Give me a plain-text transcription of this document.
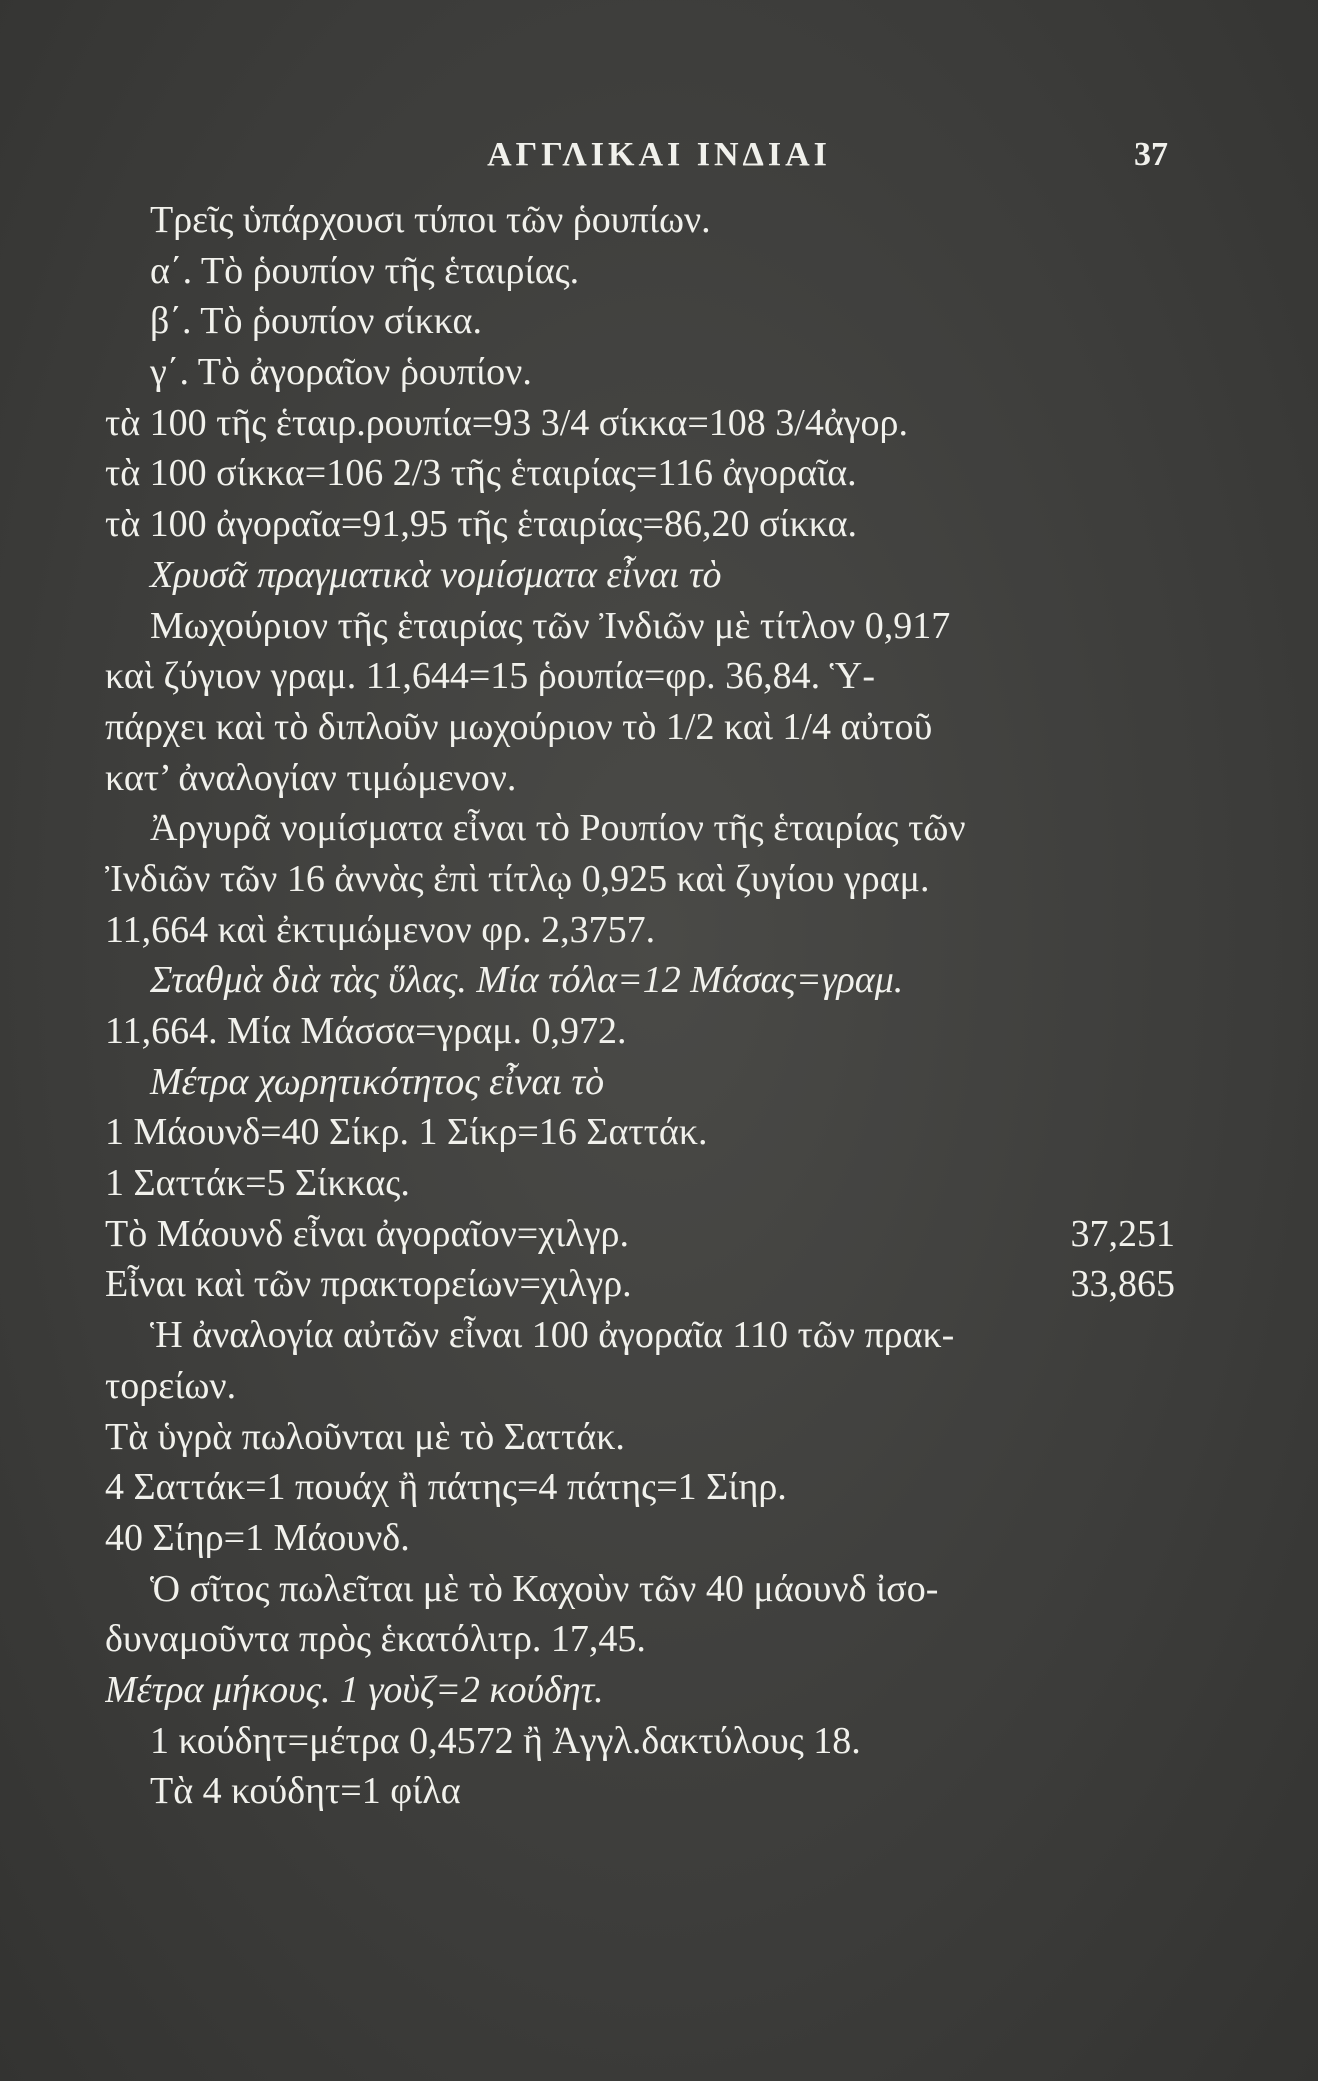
ΑΓΓΛΙΚΑΙ ΙΝΔΙΑΙ	37
Τρεῖς ὑπάρχουσι τύποι τῶν ῥουπίων.
α΄. Τὸ ῥουπίον τῆς ἑταιρίας.
β΄. Τὸ ῥουπίον σίκκα.
γ΄. Τὸ ἀγοραῖον ῥουπίον.
τὰ 100 τῆς ἑταιρ.ρουπία=93 3/4 σίκκα=108 3/4ἀγορ.
τὰ 100 σίκκα=106 2/3 τῆς ἑταιρίας=116 ἀγοραῖα.
τὰ 100 ἀγοραῖα=91,95 τῆς ἑταιρίας=86,20 σίκκα.
Χρυσᾶ πραγματικὰ νομίσματα εἶναι τὸ
Μωχούριον τῆς ἑταιρίας τῶν Ἰνδιῶν μὲ τίτλον 0,917
καὶ ζύγιον γραμ. 11,644=15 ῥουπία=φρ. 36,84. Ὑ-
πάρχει καὶ τὸ διπλοῦν μωχούριον τὸ 1/2 καὶ 1/4 αὐτοῦ
κατ’ ἀναλογίαν τιμώμενον.
Ἀργυρᾶ νομίσματα εἶναι τὸ Ρουπίον τῆς ἑταιρίας τῶν
Ἰνδιῶν τῶν 16 ἀννὰς ἐπὶ τίτλῳ 0,925 καὶ ζυγίου γραμ.
11,664 καὶ ἐκτιμώμενον φρ. 2,3757.
Σταθμὰ διὰ τὰς ὕλας. Μία τόλα=12 Μάσας=γραμ.
11,664. Μία Μάσσα=γραμ. 0,972.
Μέτρα χωρητικότητος εἶναι τὸ
1 Μάουνδ=40 Σίκρ. 1 Σίκρ=16 Σαττάκ.
1 Σαττάκ=5 Σίκκας.
Τὸ Μάουνδ εἶναι ἀγοραῖον=χιλγρ.	37,251
Εἶναι καὶ τῶν πρακτορείων=χιλγρ.	33,865
Ἡ ἀναλογία αὐτῶν εἶναι 100 ἀγοραῖα 110 τῶν πρακ-
τορείων.
Τὰ ὑγρὰ πωλοῦνται μὲ τὸ Σαττάκ.
4 Σαττάκ=1 πουάχ ἢ πάτης=4 πάτης=1 Σίηρ.
40 Σίηρ=1 Μάουνδ.
Ὁ σῖτος πωλεῖται μὲ τὸ Καχοὺν τῶν 40 μάουνδ ἰσο-
δυναμοῦντα πρὸς ἑκατόλιτρ. 17,45.
Μέτρα μήκους. 1 γοὺζ=2 κούδητ.
1 κούδητ=μέτρα 0,4572 ἢ Ἀγγλ.δακτύλους 18.
Τὰ 4 κούδητ=1 φίλα
